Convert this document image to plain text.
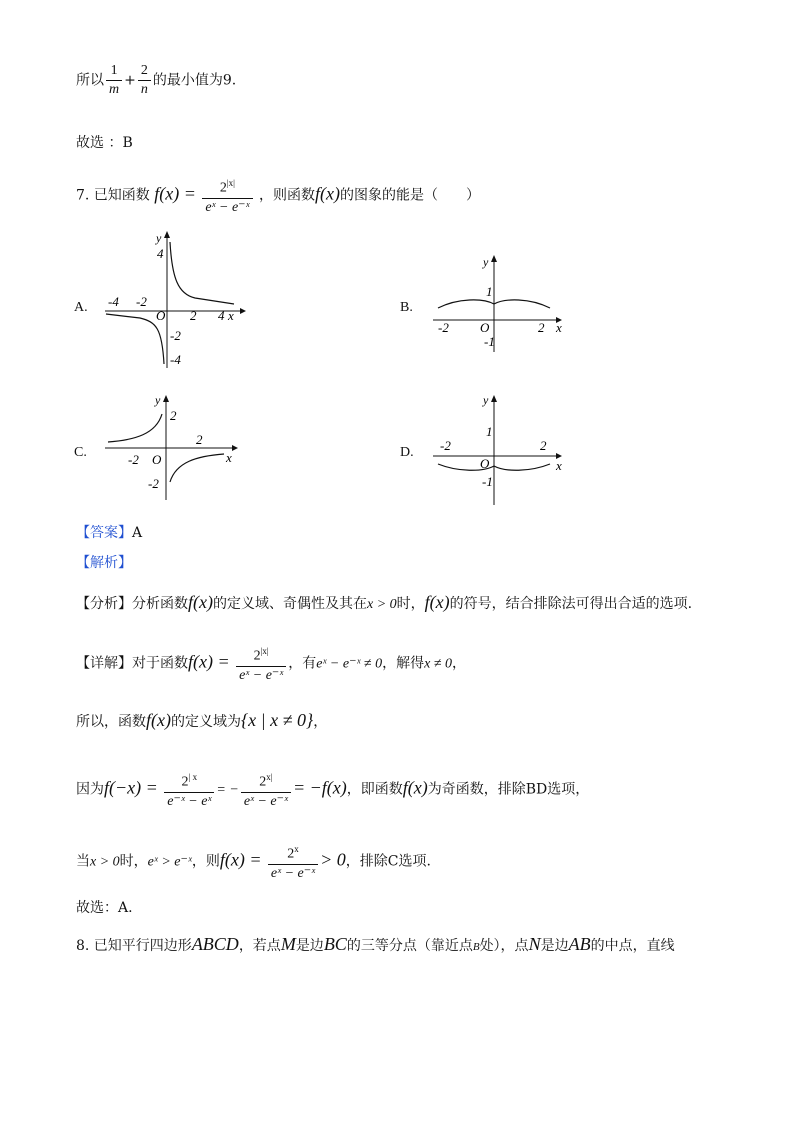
所以 $\frac{1}{m} + \frac{2}{n}$ 的最小值为9.
故选 ：B
7. 已知函数 $f(x) = \frac{2^{|x|}}{\text{eˣ − e⁻ˣ}}$ ，则函数f(x)的图象的能是（　　）
A.
y
x
O
-4 -2
2 4
4
-2
-4
B.
y
x
O
-2	2
1
-1
C.
y
x
O
-2
2
2
-2
D.
y
x
O
-2	2
1
-1
【答案】A
【解析】
【分析】分析函数f(x)的定义域、奇偶性及其在x > 0时，f(x)的符号，结合排除法可得出合适的选项.
【详解】对于函数$f(x) = \frac{2^{|x|}}{\text{eˣ − e⁻ˣ}}$ ，有eˣ − e⁻ˣ ≠ 0，解得x ≠ 0，
所以，函数f(x)的定义域为{x | x ≠ 0}，
因为$f(-x) = \frac{2^{| x}}{\text{e⁻ˣ − eˣ}}$ = − $\frac{2^{x|}}{\text{eˣ − e⁻ˣ}} = -f(x)$，即函数f(x)为奇函数，排除BD选项，
当x > 0时，eˣ > e⁻ˣ，则$f(x) = \frac{2^x}{\text{eˣ − e⁻ˣ}} > 0$，排除C选项.
故选：A.
8. 已知平行四边形ABCD，若点M是边BC的三等分点（靠近点B处），点N是边AB的中点，直线
